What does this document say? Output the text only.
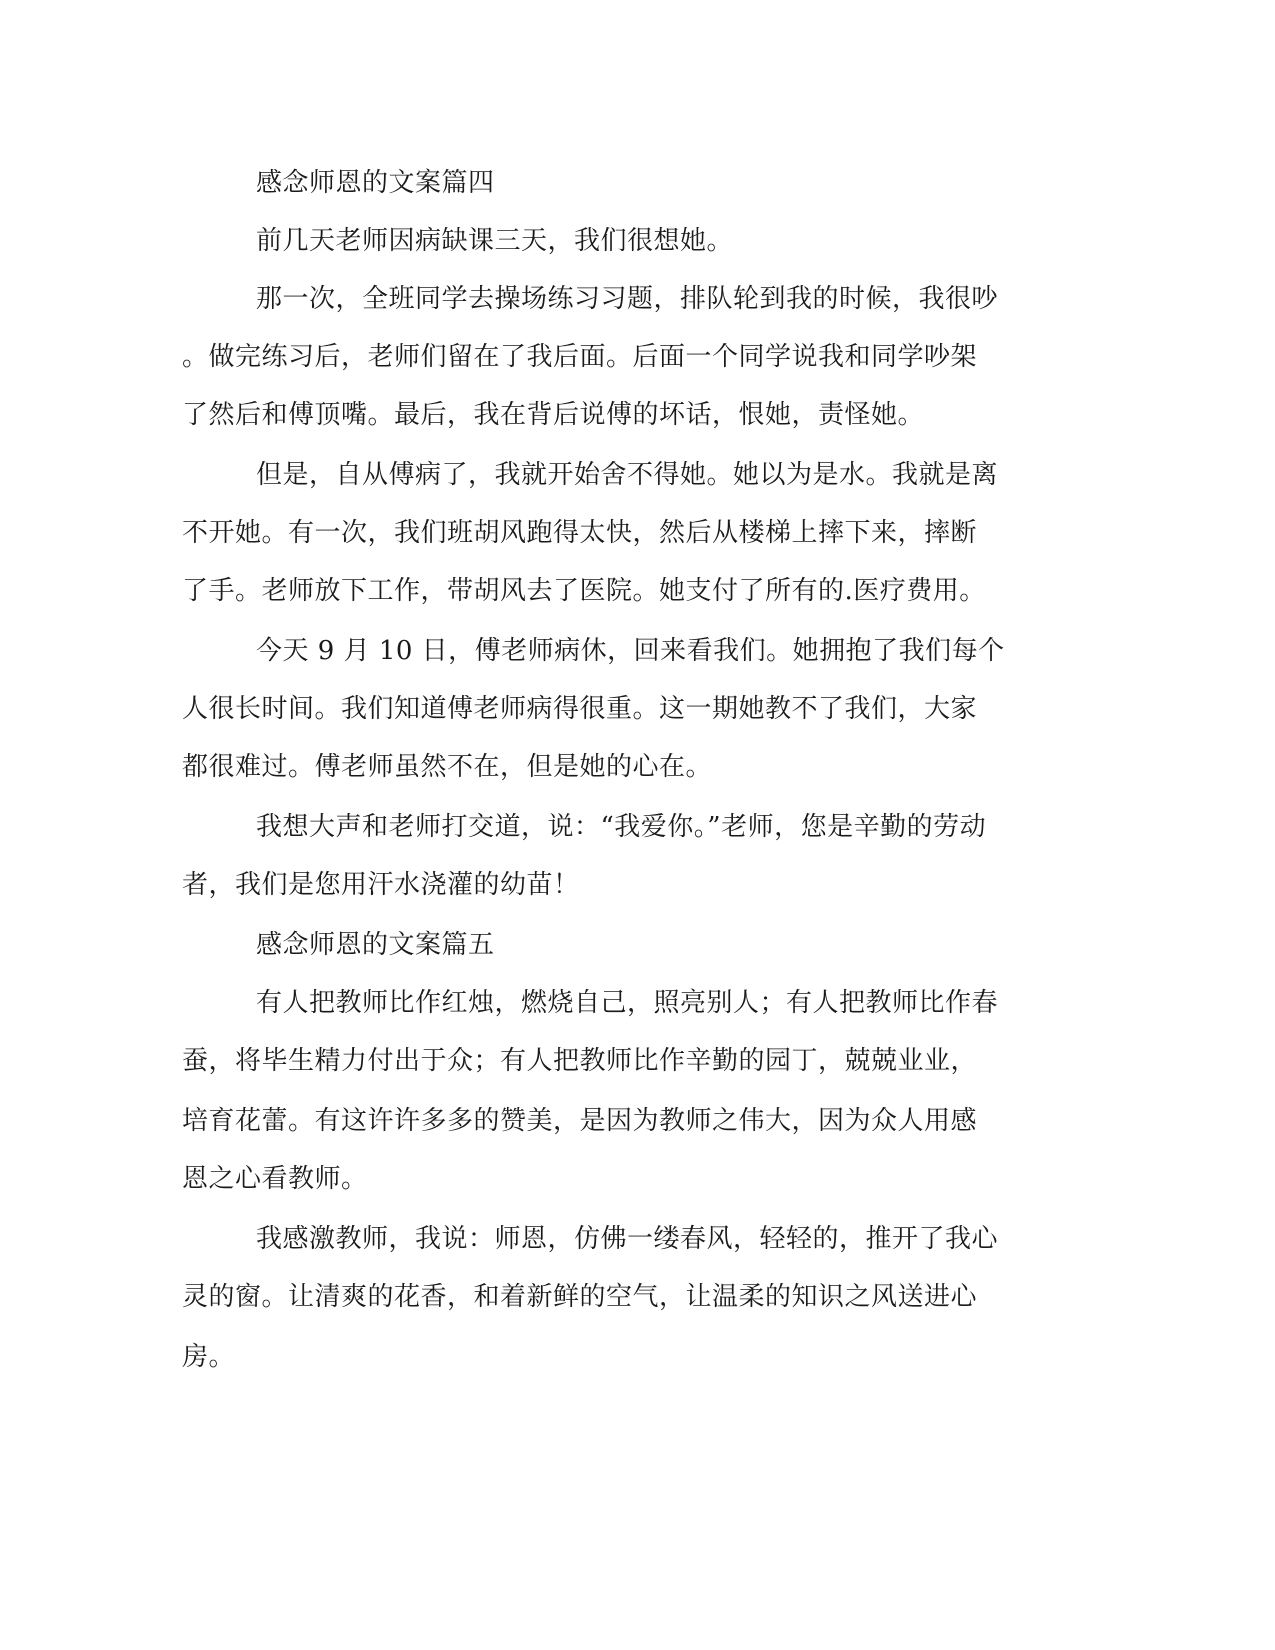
感念师恩的文案篇四
前几天老师因病缺课三天，我们很想她。
那一次，全班同学去操场练习习题，排队轮到我的时候，我很吵
。做完练习后，老师们留在了我后面。后面一个同学说我和同学吵架
了然后和傅顶嘴。最后，我在背后说傅的坏话，恨她，责怪她。
但是，自从傅病了，我就开始舍不得她。她以为是水。我就是离
不开她。有一次，我们班胡风跑得太快，然后从楼梯上摔下来，摔断
了手。老师放下工作，带胡风去了医院。她支付了所有的.医疗费用。
今天 9 月 10 日，傅老师病休，回来看我们。她拥抱了我们每个
人很长时间。我们知道傅老师病得很重。这一期她教不了我们，大家
都很难过。傅老师虽然不在，但是她的心在。
我想大声和老师打交道，说：“我爱你。”老师，您是辛勤的劳动
者，我们是您用汗水浇灌的幼苗！
感念师恩的文案篇五
有人把教师比作红烛，燃烧自己，照亮别人；有人把教师比作春
蚕，将毕生精力付出于众；有人把教师比作辛勤的园丁，兢兢业业，
培育花蕾。有这许许多多的赞美，是因为教师之伟大，因为众人用感
恩之心看教师。
我感激教师，我说：师恩，仿佛一缕春风，轻轻的，推开了我心
灵的窗。让清爽的花香，和着新鲜的空气，让温柔的知识之风送进心
房。
